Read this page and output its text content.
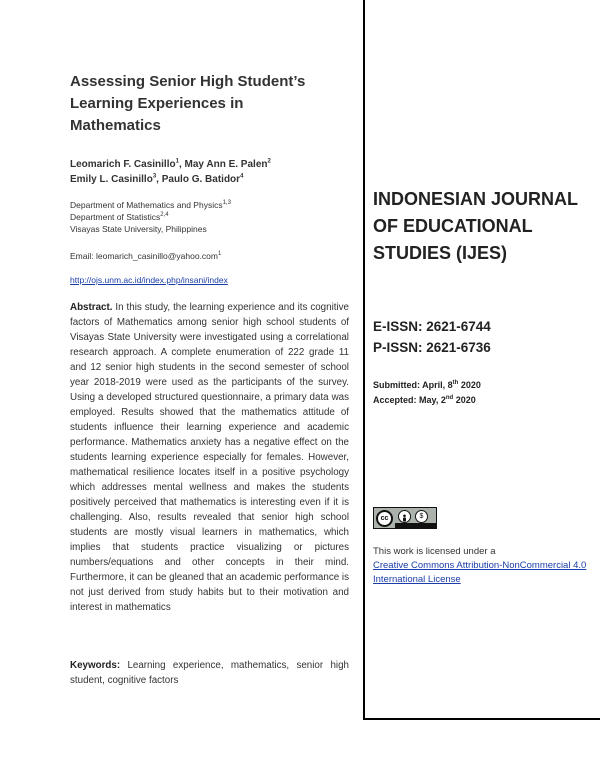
Assessing Senior High Student’s Learning Experiences in Mathematics
Leomarich F. Casinillo$^1$, May Ann E. Palen$^2$
Emily L. Casinillo$^3$, Paulo G. Batidor$^4$
Department of Mathematics and Physics$^{1,3}$
Department of Statistics$^{2,4}$
Visayas State University, Philippines
Email: leomarich_casinillo@yahoo.com$^1$
http://ojs.unm.ac.id/index.php/insani/index

Abstract. In this study, the learning experience and its cognitive factors of Mathematics among senior high school students of Visayas State University were investigated using a correlational research approach. A complete enumeration of 222 grade 11 and 12 senior high students in the second semester of school year 2018-2019 were used as the participants of the survey. Using a developed structured questionnaire, a primary data was employed. Results showed that the mathematics attitude of students influence their learning experience and academic performance. Mathematics anxiety has a negative effect on the students learning experience especially for females. However, mathematical resilience locates itself in a positive psychology which addresses mental wellness and makes the students positively perceived that mathematics is interesting even if it is challenging. Also, results revealed that senior high school students are mostly visual learners in mathematics, which implies that students practice visualizing or pictures numbers/equations and other concepts in their mind. Furthermore, it can be gleaned that an academic performance is not just derived from study habits but to their motivation and interest in mathematics

Keywords: Learning experience, mathematics, senior high student, cognitive factors

INDONESIAN JOURNAL OF EDUCATIONAL STUDIES (IJES)
E-ISSN: 2621-6744
P-ISSN: 2621-6736
Submitted: April, 8th 2020
Accepted: May, 2nd 2020
cc	$

This work is licensed under a
Creative Commons Attribution-NonCommercial 4.0 International License
